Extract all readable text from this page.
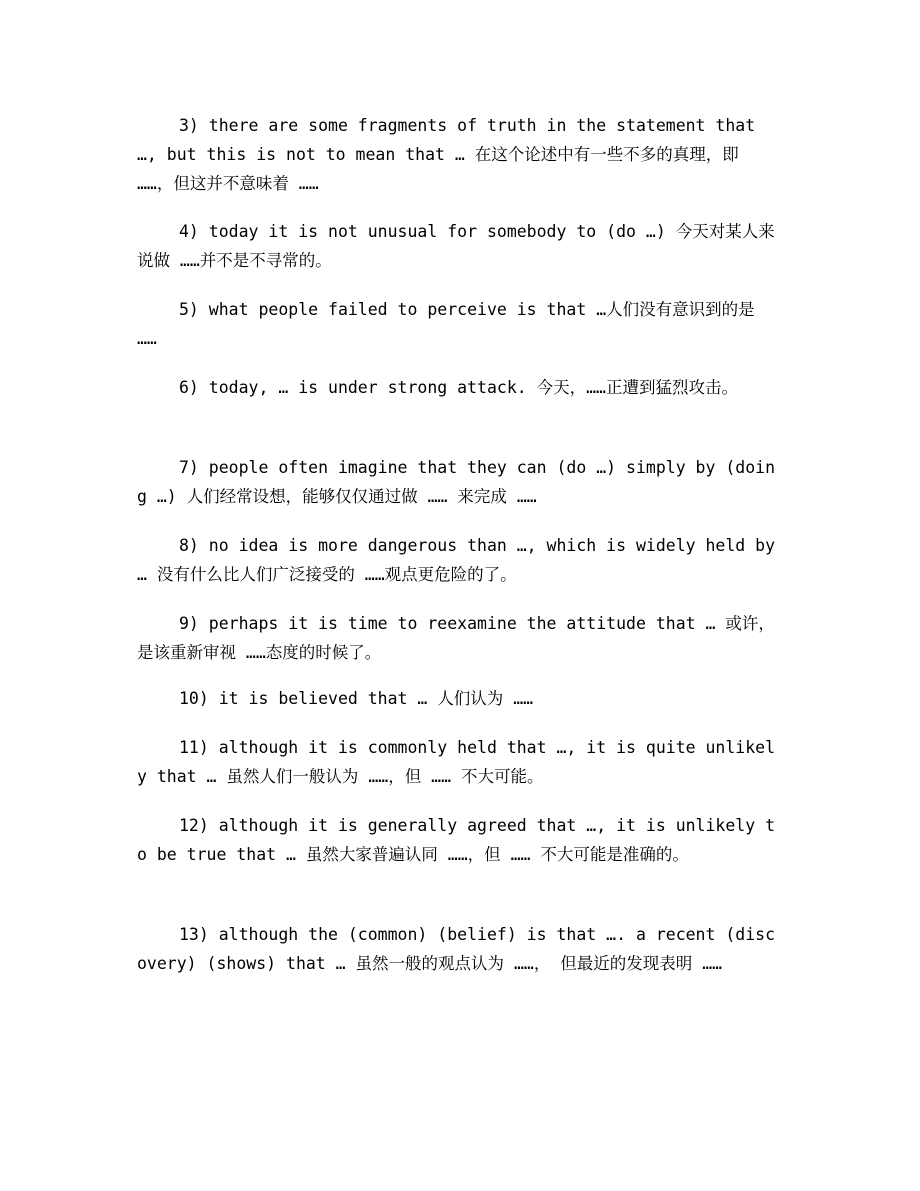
3) there are some fragments of truth in the statement that …, but this is not to mean that … 在这个论述中有一些不多的真理，即 ……，但这并不意味着 ……

4) today it is not unusual for somebody to (do …) 今天对某人来说做 ……并不是不寻常的。

5) what people failed to perceive is that …人们没有意识到的是 ……

6) today, … is under strong attack. 今天，……正遭到猛烈攻击。

7) people often imagine that they can (do …) simply by (doing …) 人们经常设想，能够仅仅通过做 …… 来完成 ……

8) no idea is more dangerous than …, which is widely held by … 没有什么比人们广泛接受的 ……观点更危险的了。

9) perhaps it is time to reexamine the attitude that … 或许，是该重新审视 ……态度的时候了。

10) it is believed that … 人们认为 ……

11) although it is commonly held that …, it is quite unlikely that … 虽然人们一般认为 ……，但 …… 不大可能。

12) although it is generally agreed that …, it is unlikely to be true that … 虽然大家普遍认同 ……，但 …… 不大可能是准确的。

13) although the (common) (belief) is that …. a recent (discovery) (shows) that … 虽然一般的观点认为 ……， 但最近的发现表明 ……
